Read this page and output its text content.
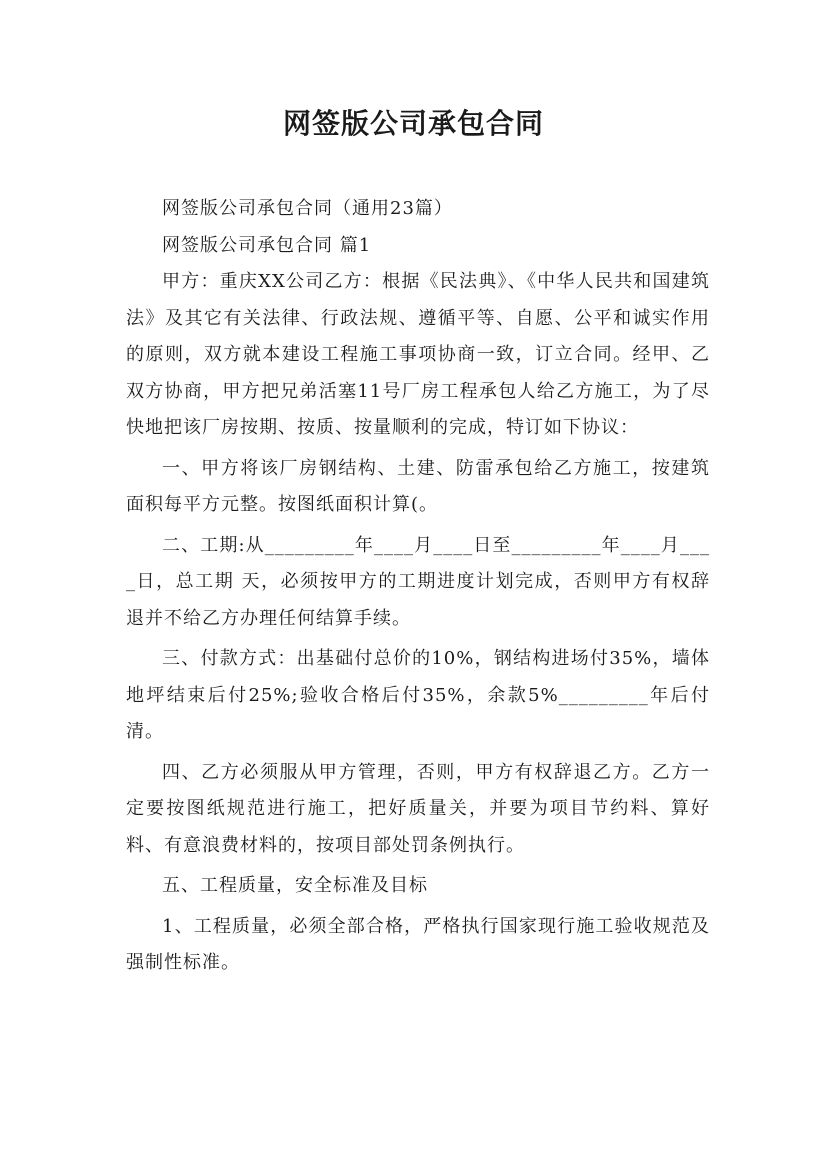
网签版公司承包合同

网签版公司承包合同（通用23篇）

网签版公司承包合同 篇1

甲方：重庆XX公司乙方：根据《民法典》、《中华人民共和国建筑法》及其它有关法律、行政法规、遵循平等、自愿、公平和诚实作用的原则，双方就本建设工程施工事项协商一致，订立合同。经甲、乙双方协商，甲方把兄弟活塞11号厂房工程承包人给乙方施工，为了尽快地把该厂房按期、按质、按量顺利的完成，特订如下协议：

一、甲方将该厂房钢结构、土建、防雷承包给乙方施工，按建筑面积每平方元整。按图纸面积计算(。

二、工期:从_________年____月____日至_________年____月____日，总工期 天，必须按甲方的工期进度计划完成，否则甲方有权辞退并不给乙方办理任何结算手续。

三、付款方式：出基础付总价的10%，钢结构进场付35%，墙体地坪结束后付25%;验收合格后付35%，余款5%_________年后付清。

四、乙方必须服从甲方管理，否则，甲方有权辞退乙方。乙方一定要按图纸规范进行施工，把好质量关，并要为项目节约料、算好料、有意浪费材料的，按项目部处罚条例执行。

五、工程质量，安全标准及目标

1、工程质量，必须全部合格，严格执行国家现行施工验收规范及强制性标准。
